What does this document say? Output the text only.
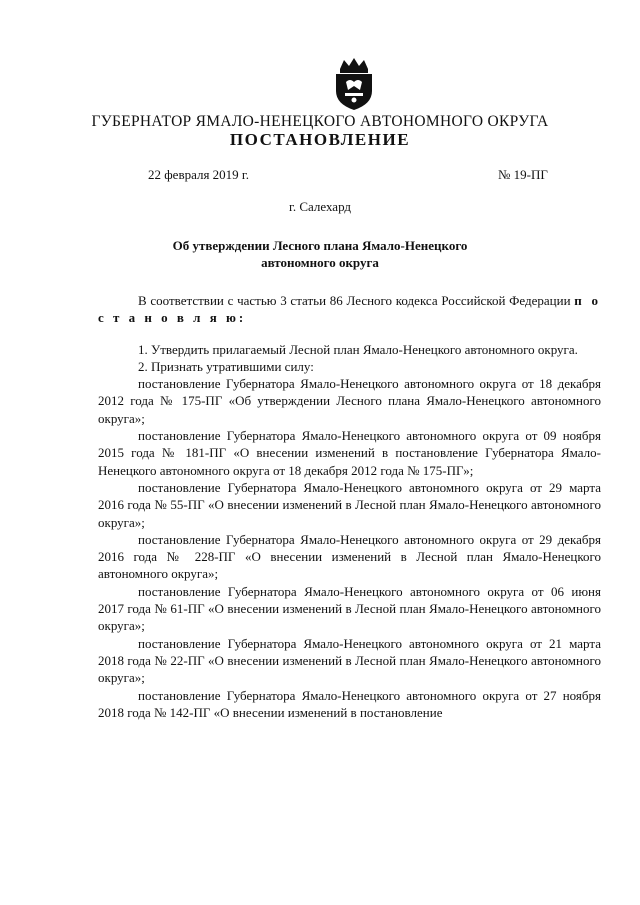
ГУБЕРНАТОР ЯМАЛО-НЕНЕЦКОГО АВТОНОМНОГО ОКРУГА
ПОСТАНОВЛЕНИЕ
22 февраля 2019 г.	№ 19-ПГ
г. Салехард
Об утверждении Лесного плана Ямало-Ненецкого автономного округа

В соответствии с частью 3 статьи 86 Лесного кодекса Российской Федерации п о с т а н о в л я ю:

1. Утвердить прилагаемый Лесной план Ямало-Ненецкого автономного округа.

2. Признать утратившими силу:

постановление Губернатора Ямало-Ненецкого автономного округа от 18 декабря 2012 года № 175-ПГ «Об утверждении Лесного плана Ямало-Ненецкого автономного округа»;

постановление Губернатора Ямало-Ненецкого автономного округа от 09 ноября 2015 года № 181-ПГ «О внесении изменений в постановление Губернатора Ямало-Ненецкого автономного округа от 18 декабря 2012 года № 175-ПГ»;

постановление Губернатора Ямало-Ненецкого автономного округа от 29 марта 2016 года № 55-ПГ «О внесении изменений в Лесной план Ямало-Ненецкого автономного округа»;

постановление Губернатора Ямало-Ненецкого автономного округа от 29 декабря 2016 года № 228-ПГ «О внесении изменений в Лесной план Ямало-Ненецкого автономного округа»;

постановление Губернатора Ямало-Ненецкого автономного округа от 06 июня 2017 года № 61-ПГ «О внесении изменений в Лесной план Ямало-Ненецкого автономного округа»;

постановление Губернатора Ямало-Ненецкого автономного округа от 21 марта 2018 года № 22-ПГ «О внесении изменений в Лесной план Ямало-Ненецкого автономного округа»;

постановление Губернатора Ямало-Ненецкого автономного округа от 27 ноября 2018 года № 142-ПГ «О внесении изменений в постановление
